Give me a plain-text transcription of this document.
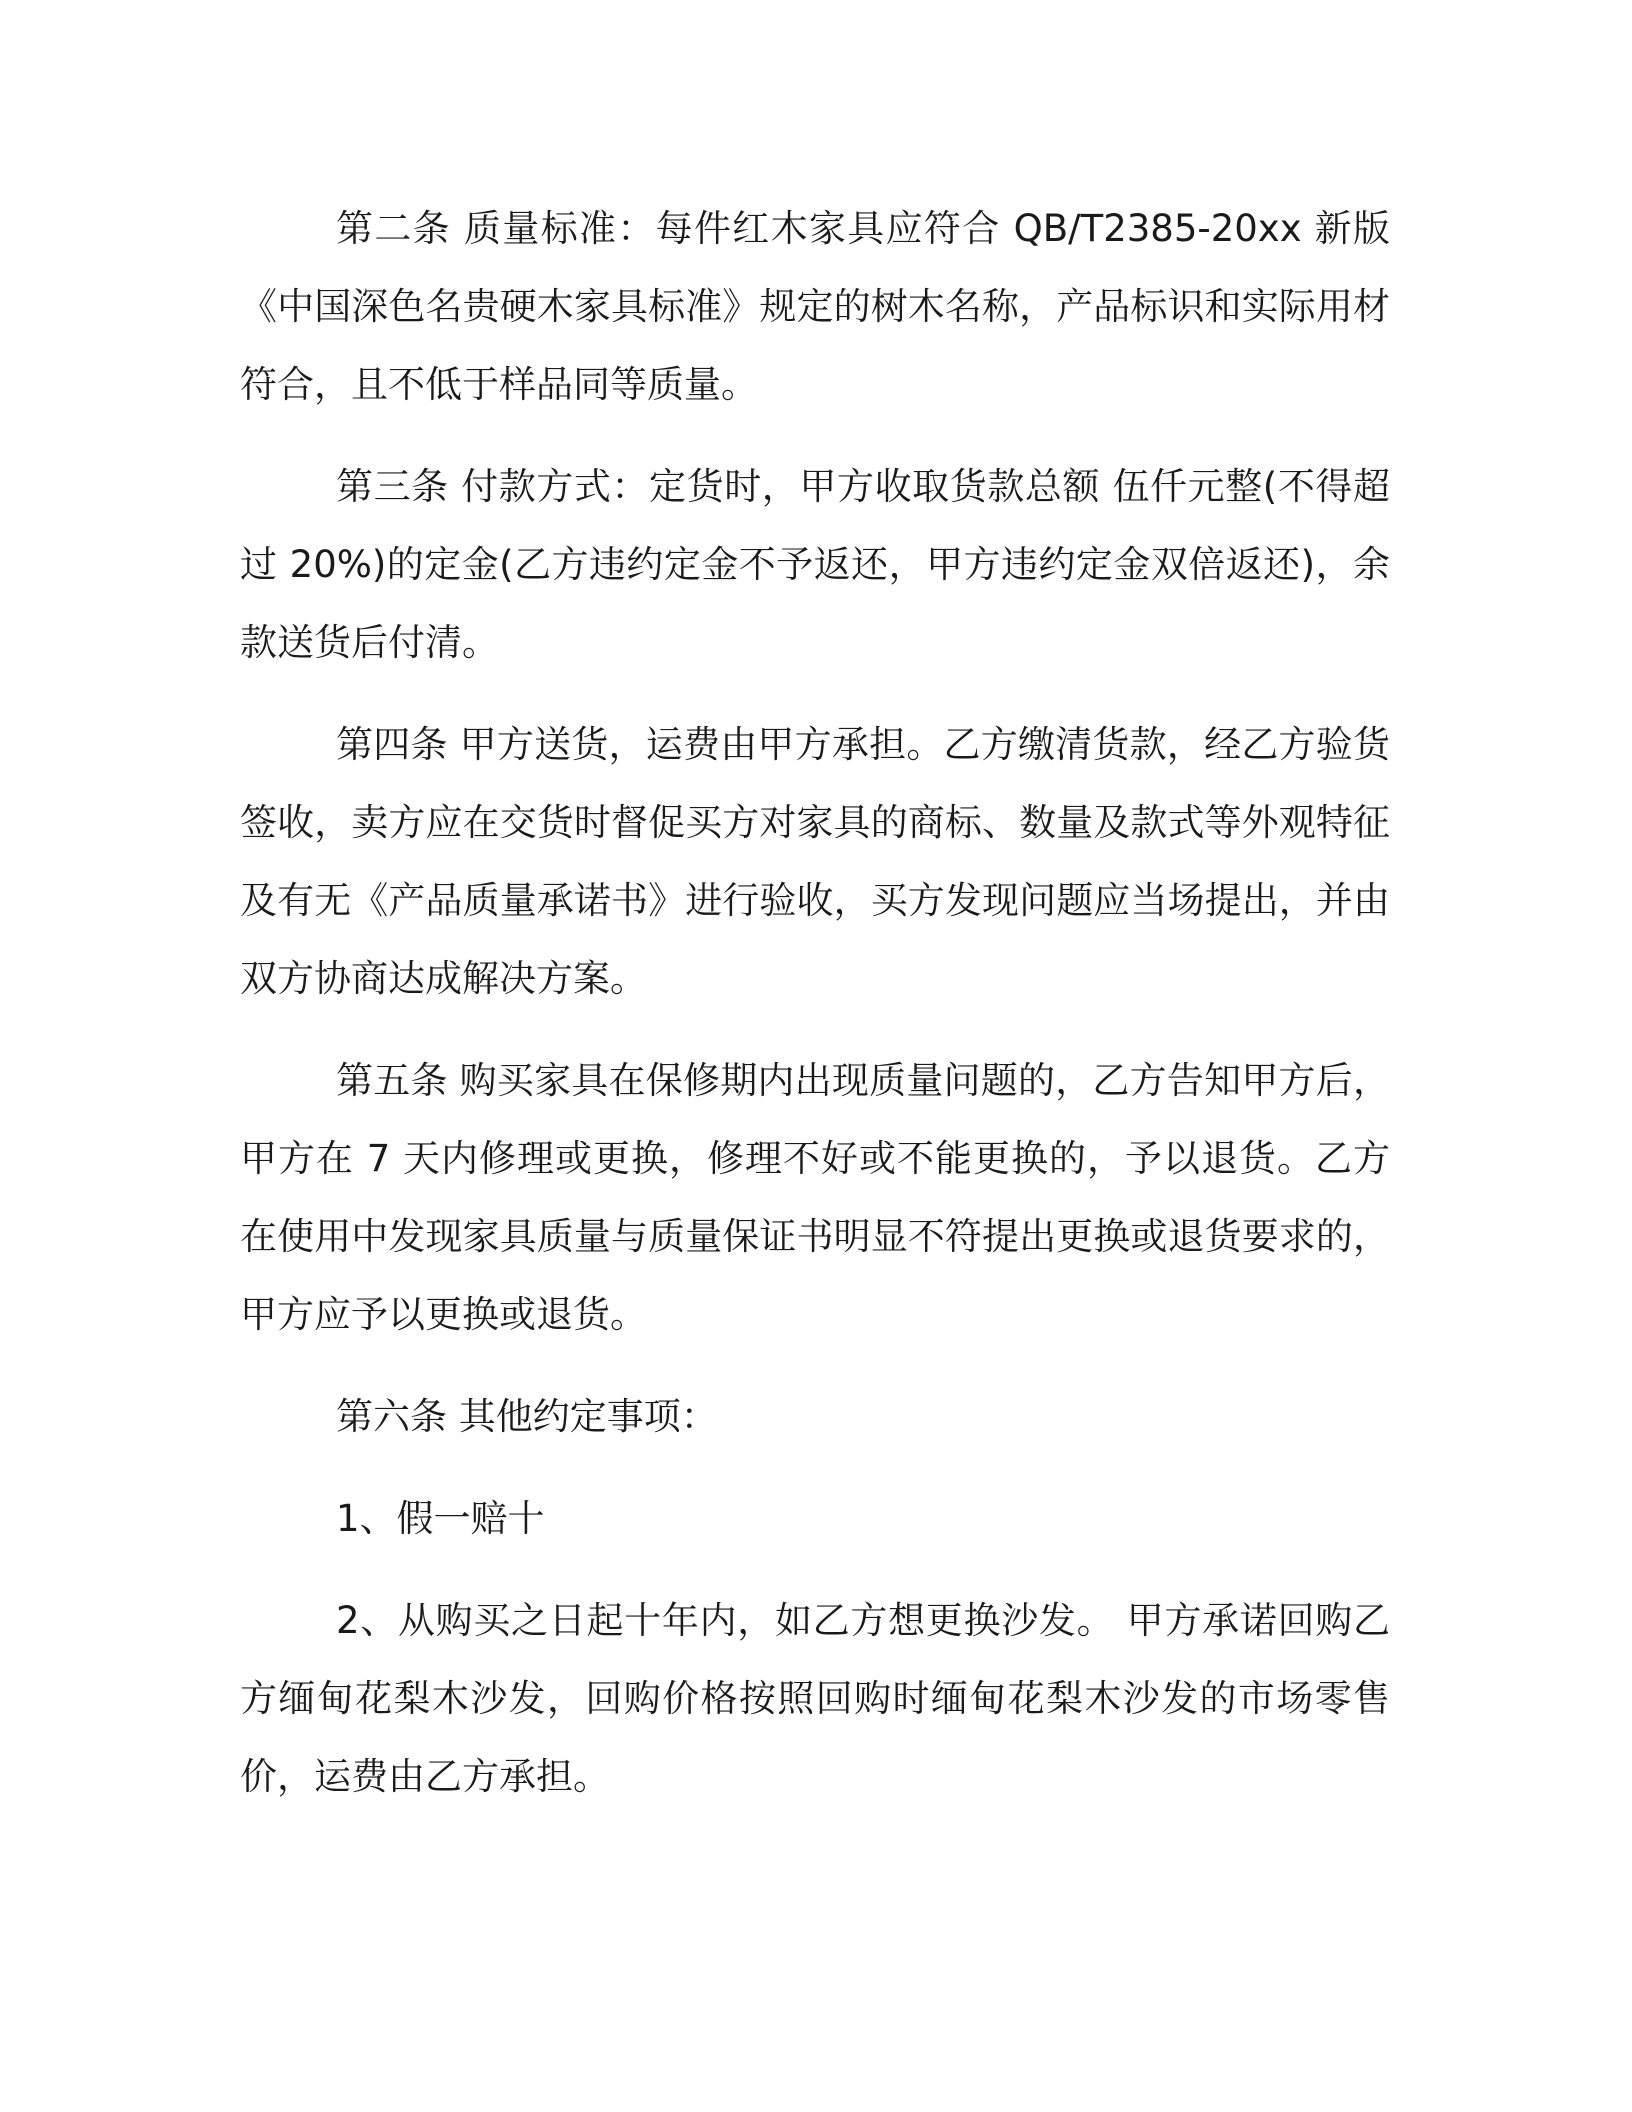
第二条 质量标准：每件红木家具应符合 QB/T2385-20xx 新版《中国深色名贵硬木家具标准》规定的树木名称，产品标识和实际用材符合，且不低于样品同等质量。

第三条 付款方式：定货时，甲方收取货款总额 伍仟元整(不得超过 20%)的定金(乙方违约定金不予返还，甲方违约定金双倍返还)，余款送货后付清。

第四条 甲方送货，运费由甲方承担。乙方缴清货款，经乙方验货签收，卖方应在交货时督促买方对家具的商标、数量及款式等外观特征及有无《产品质量承诺书》进行验收，买方发现问题应当场提出，并由双方协商达成解决方案。

第五条 购买家具在保修期内出现质量问题的，乙方告知甲方后，甲方在 7 天内修理或更换，修理不好或不能更换的，予以退货。乙方在使用中发现家具质量与质量保证书明显不符提出更换或退货要求的，甲方应予以更换或退货。

第六条 其他约定事项：

1、假一赔十

2、从购买之日起十年内，如乙方想更换沙发。 甲方承诺回购乙方缅甸花梨木沙发，回购价格按照回购时缅甸花梨木沙发的市场零售价，运费由乙方承担。
